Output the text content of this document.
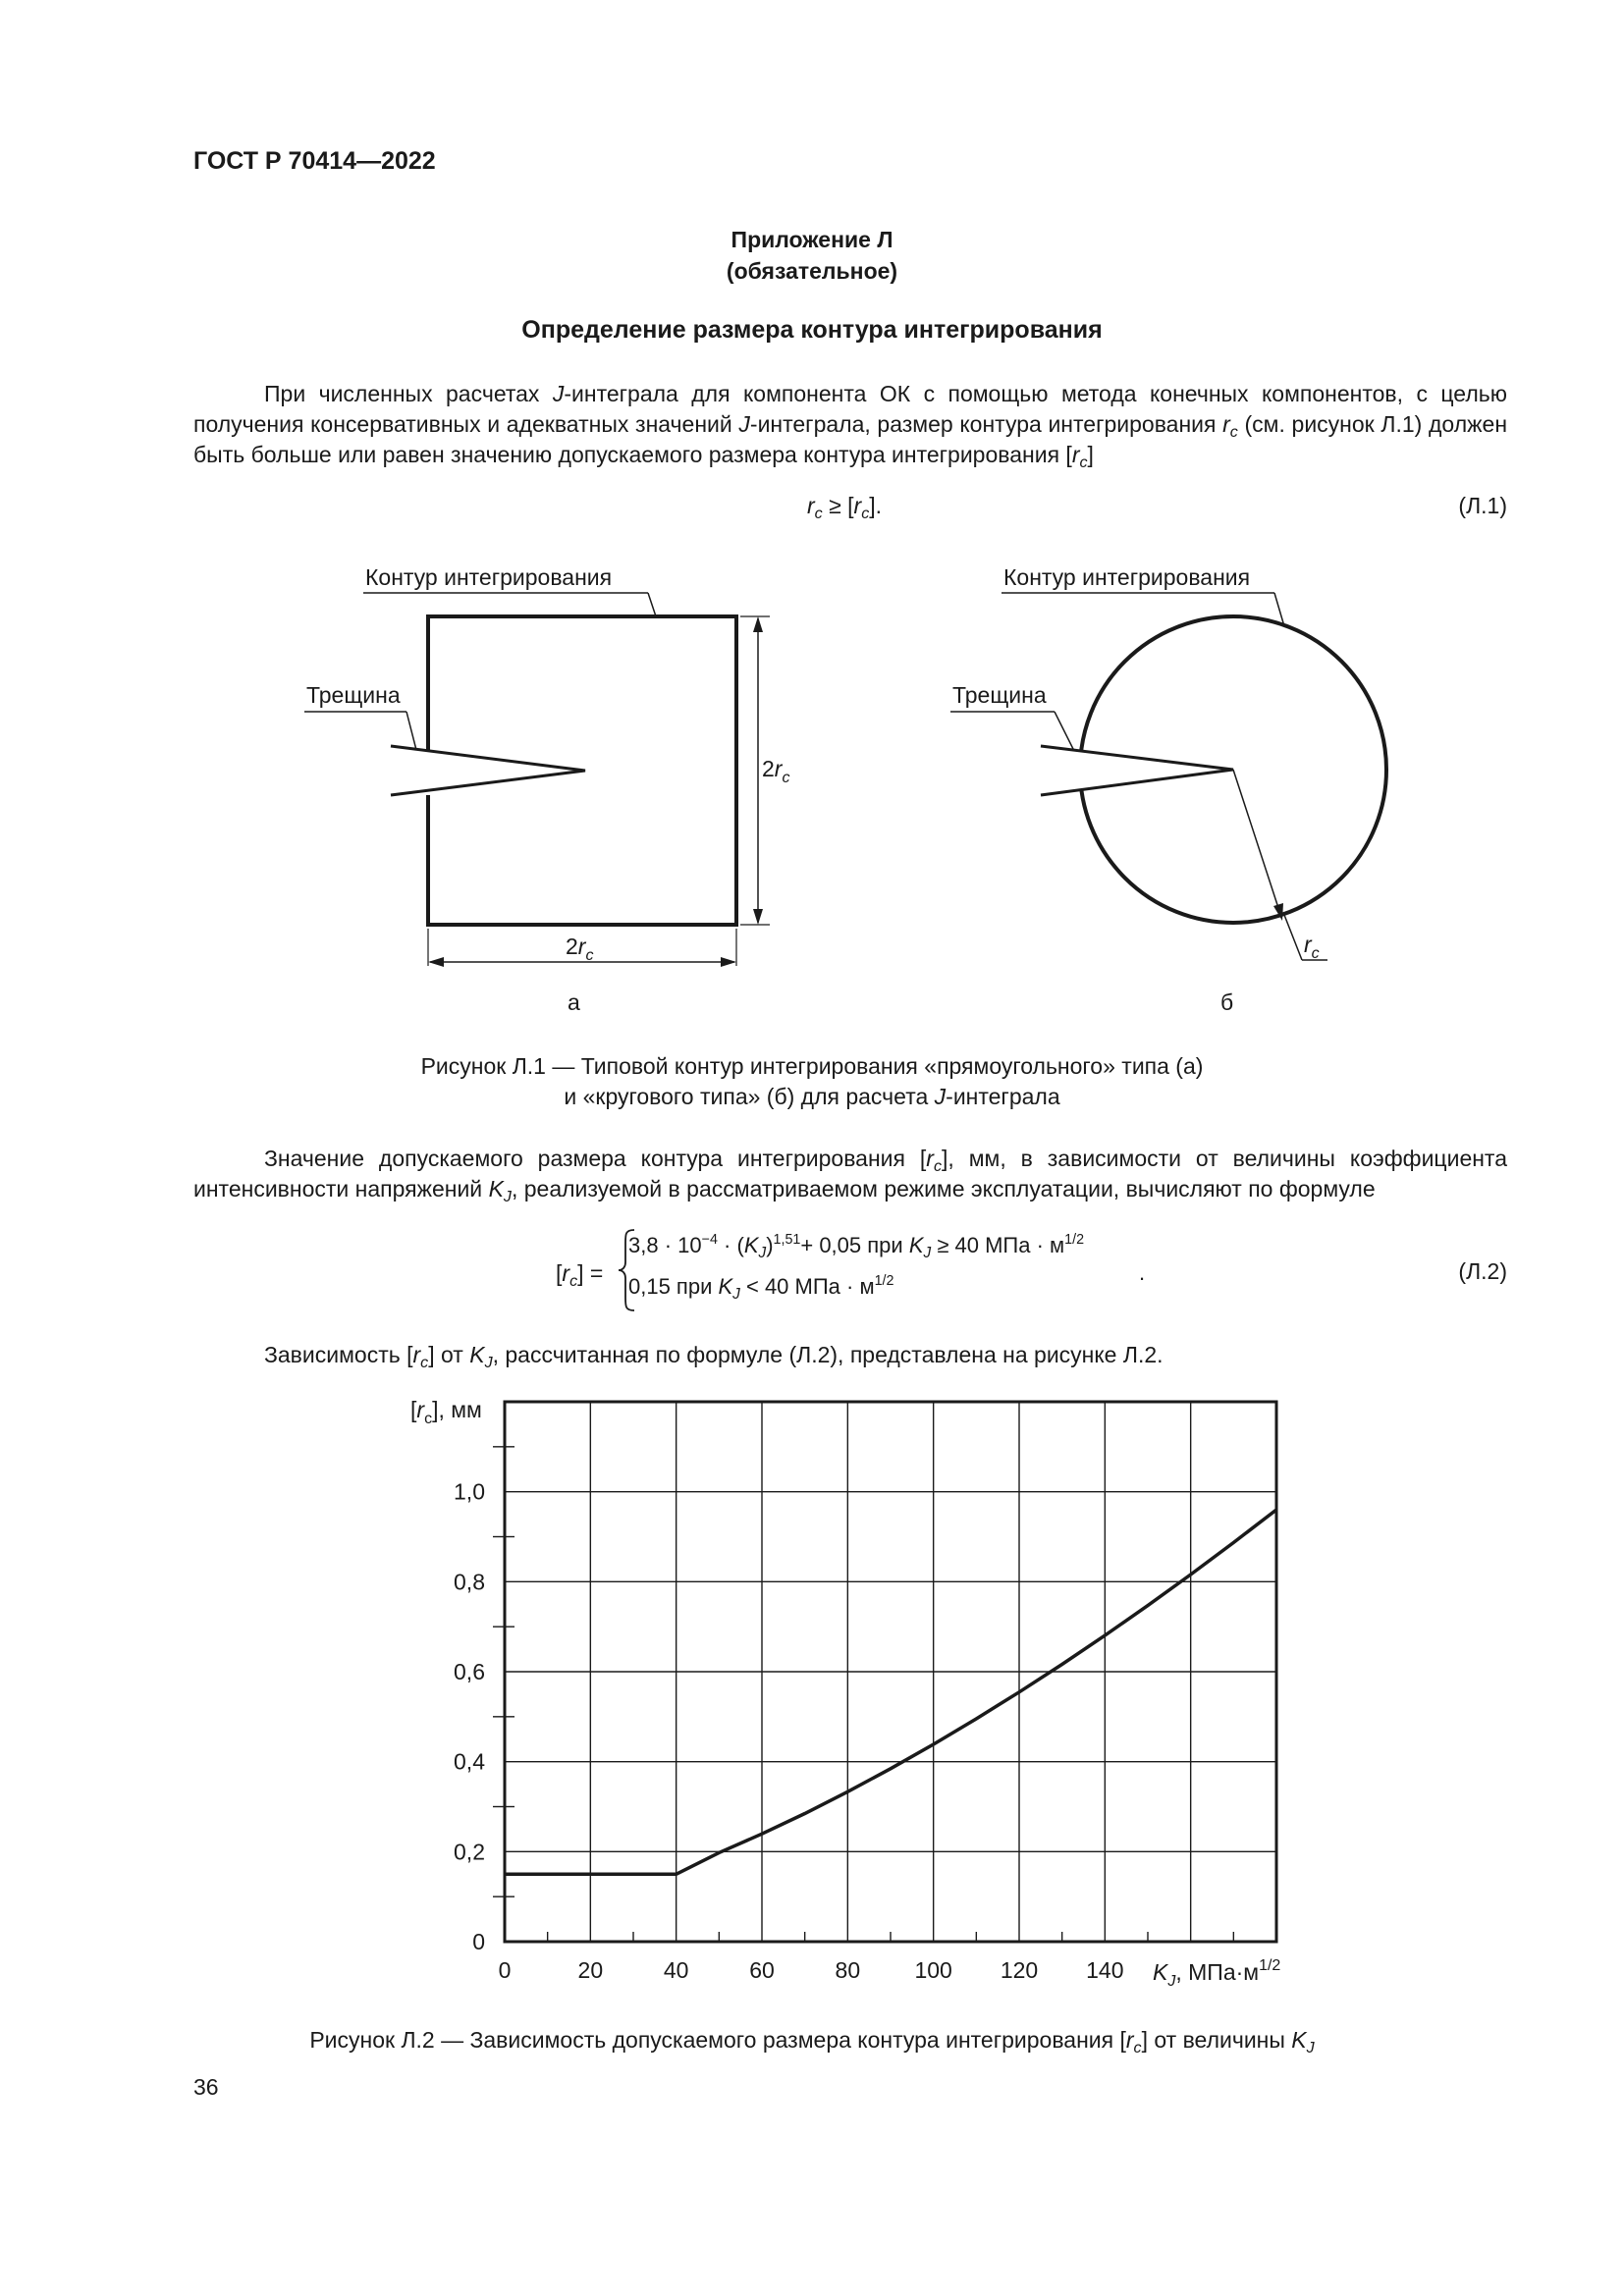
ГОСТ Р 70414—2022
Приложение Л
(обязательное)
Определение размера контура интегрирования
При численных расчетах J-интеграла для компонента ОК с помощью метода конечных компонентов, с целью получения консервативных и адекватных значений J-интеграла, размер контура интегрирования $r_c$ (см. рисунок Л.1) должен быть больше или равен значению допускаемого размера контура интегрирования $[r_c]$
$r_c \ge [r_c]$.	(Л.1)
Контур интегрирования
Трещина
$2r_c$
$2r_c$
а
$r_c$
Контур интегрирования
Трещина
б
Рисунок Л.1 — Типовой контур интегрирования «прямоугольного» типа (а)
и «кругового типа» (б) для расчета J-интеграла
Значение допускаемого размера контура интегрирования $[r_c]$, мм, в зависимости от величины коэффициента интенсивности напряжений $K_J$, реализуемой в рассматриваемом режиме эксплуатации, вычисляют по формуле
$[r_c]$ =
$3,8 \cdot 10^{-4} \cdot (K_J)^{1,51}+ 0,05$ при $K_J \ge 40$ МПа · $м^{1/2}$
0,15 при $K_J < 40$ МПа · $м^{1/2}$	.	(Л.2)
Зависимость $[r_c]$ от $K_J$, рассчитанная по формуле (Л.2), представлена на рисунке Л.2.
0	20	40	60	80 100 120 140
0
0,2
0,4
0,6
0,8
1,0
$[r_c]$, мм
$K_J$, $МПа\cdot м^{1/2}$
Рисунок Л.2 — Зависимость допускаемого размера контура интегрирования $[r_c]$ от величины $K_J$
36
